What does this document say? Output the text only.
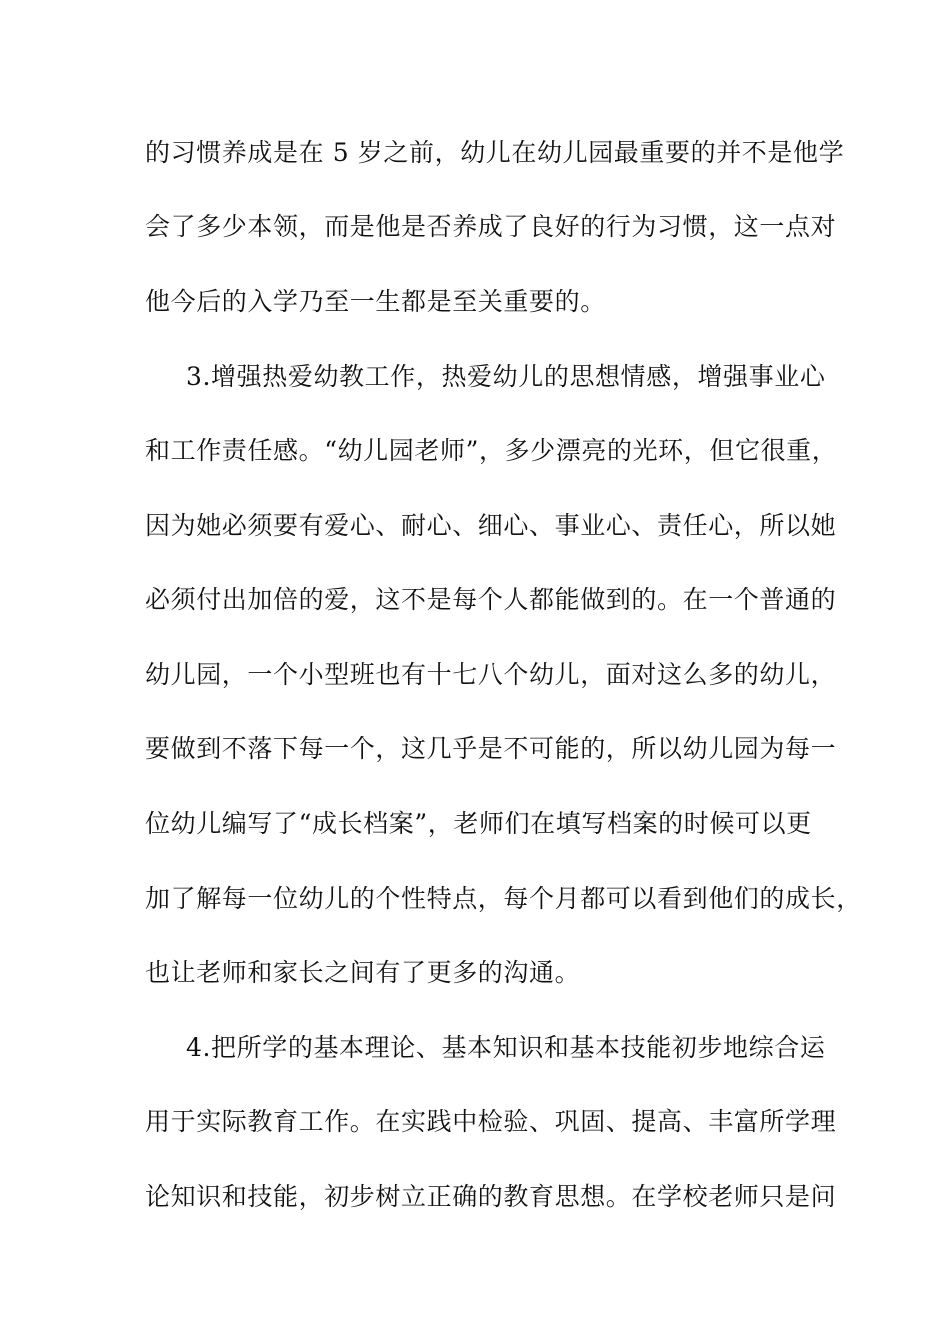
的习惯养成是在 5 岁之前，幼儿在幼儿园最重要的并不是他学
会了多少本领，而是他是否养成了良好的行为习惯，这一点对
他今后的入学乃至一生都是至关重要的。
3.增强热爱幼教工作，热爱幼儿的思想情感，增强事业心
和工作责任感。“幼儿园老师”，多少漂亮的光环，但它很重，
因为她必须要有爱心、耐心、细心、事业心、责任心，所以她
必须付出加倍的爱，这不是每个人都能做到的。在一个普通的
幼儿园，一个小型班也有十七八个幼儿，面对这么多的幼儿，
要做到不落下每一个，这几乎是不可能的，所以幼儿园为每一
位幼儿编写了“成长档案”，老师们在填写档案的时候可以更
加了解每一位幼儿的个性特点，每个月都可以看到他们的成长，
也让老师和家长之间有了更多的沟通。
4.把所学的基本理论、基本知识和基本技能初步地综合运
用于实际教育工作。在实践中检验、巩固、提高、丰富所学理
论知识和技能，初步树立正确的教育思想。在学校老师只是问
